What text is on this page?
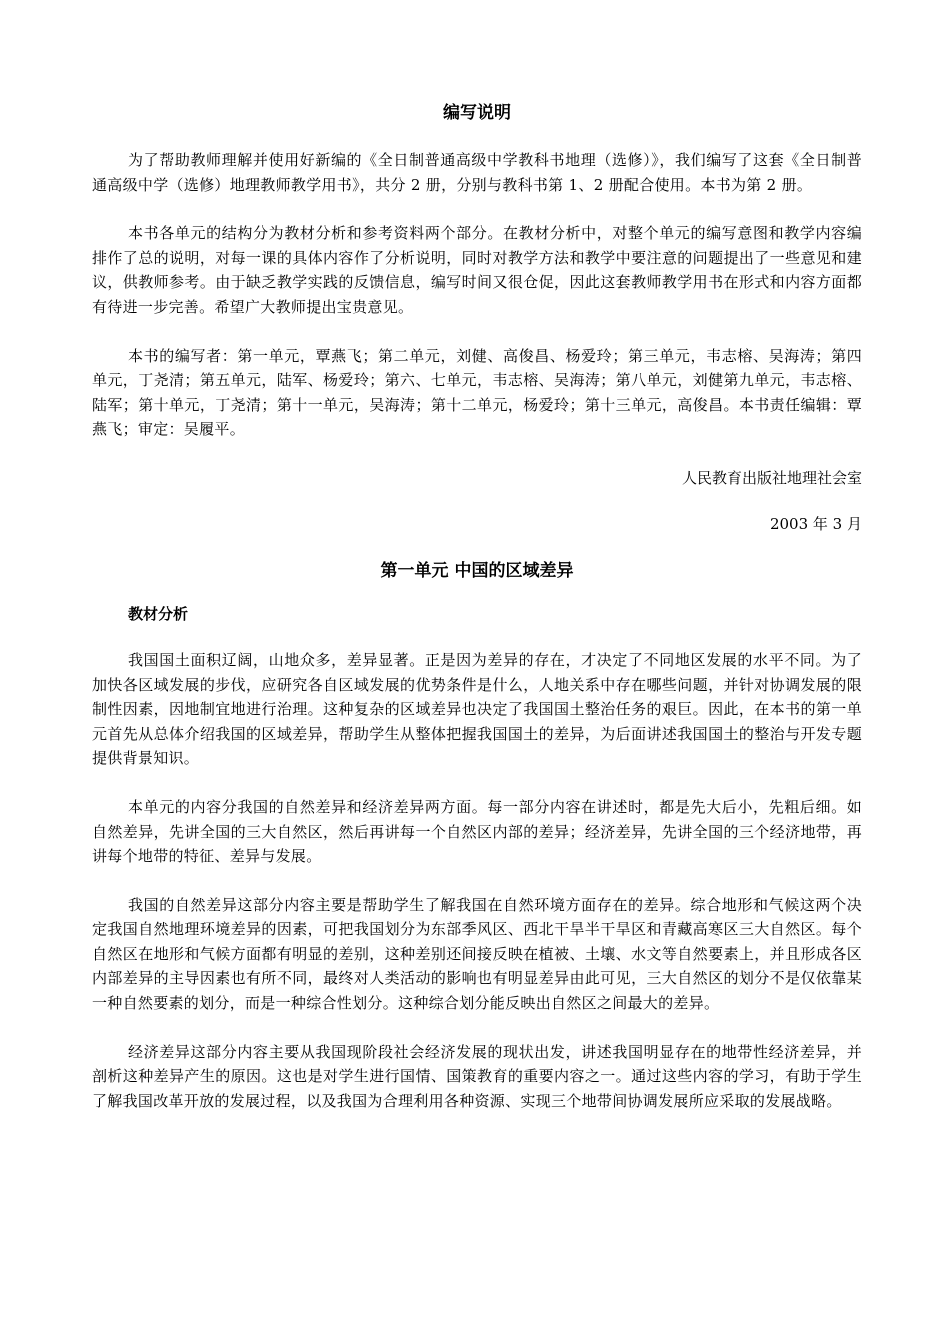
编写说明

为了帮助教师理解并使用好新编的《全日制普通高级中学教科书地理（选修）》，我们编写了这套《全日制普通高级中学（选修）地理教师教学用书》，共分 2 册，分别与教科书第 1、2 册配合使用。本书为第 2 册。

本书各单元的结构分为教材分析和参考资料两个部分。在教材分析中，对整个单元的编写意图和教学内容编排作了总的说明，对每一课的具体内容作了分析说明，同时对教学方法和教学中要注意的问题提出了一些意见和建议，供教师参考。由于缺乏教学实践的反馈信息，编写时间又很仓促，因此这套教师教学用书在形式和内容方面都有待进一步完善。希望广大教师提出宝贵意见。

本书的编写者：第一单元，覃燕飞；第二单元，刘健、高俊昌、杨爱玲；第三单元，韦志榕、吴海涛；第四单元，丁尧清；第五单元，陆军、杨爱玲；第六、七单元，韦志榕、吴海涛；第八单元，刘健第九单元，韦志榕、陆军；第十单元，丁尧清；第十一单元，吴海涛；第十二单元，杨爱玲；第十三单元，高俊昌。本书责任编辑：覃燕飞；审定：吴履平。

人民教育出版社地理社会室
2003 年 3 月
第一单元 中国的区域差异
教材分析

我国国土面积辽阔，山地众多，差异显著。正是因为差异的存在，才决定了不同地区发展的水平不同。为了加快各区域发展的步伐，应研究各自区域发展的优势条件是什么，人地关系中存在哪些问题，并针对协调发展的限制性因素，因地制宜地进行治理。这种复杂的区域差异也决定了我国国土整治任务的艰巨。因此，在本书的第一单元首先从总体介绍我国的区域差异，帮助学生从整体把握我国国土的差异，为后面讲述我国国土的整治与开发专题提供背景知识。

本单元的内容分我国的自然差异和经济差异两方面。每一部分内容在讲述时，都是先大后小，先粗后细。如自然差异，先讲全国的三大自然区，然后再讲每一个自然区内部的差异；经济差异，先讲全国的三个经济地带，再讲每个地带的特征、差异与发展。

我国的自然差异这部分内容主要是帮助学生了解我国在自然环境方面存在的差异。综合地形和气候这两个决定我国自然地理环境差异的因素，可把我国划分为东部季风区、西北干旱半干旱区和青藏高寒区三大自然区。每个自然区在地形和气候方面都有明显的差别，这种差别还间接反映在植被、土壤、水文等自然要素上，并且形成各区内部差异的主导因素也有所不同，最终对人类活动的影响也有明显差异由此可见，三大自然区的划分不是仅依靠某一种自然要素的划分，而是一种综合性划分。这种综合划分能反映出自然区之间最大的差异。

经济差异这部分内容主要从我国现阶段社会经济发展的现状出发，讲述我国明显存在的地带性经济差异，并剖析这种差异产生的原因。这也是对学生进行国情、国策教育的重要内容之一。通过这些内容的学习，有助于学生了解我国改革开放的发展过程，以及我国为合理利用各种资源、实现三个地带间协调发展所应采取的发展战略。
